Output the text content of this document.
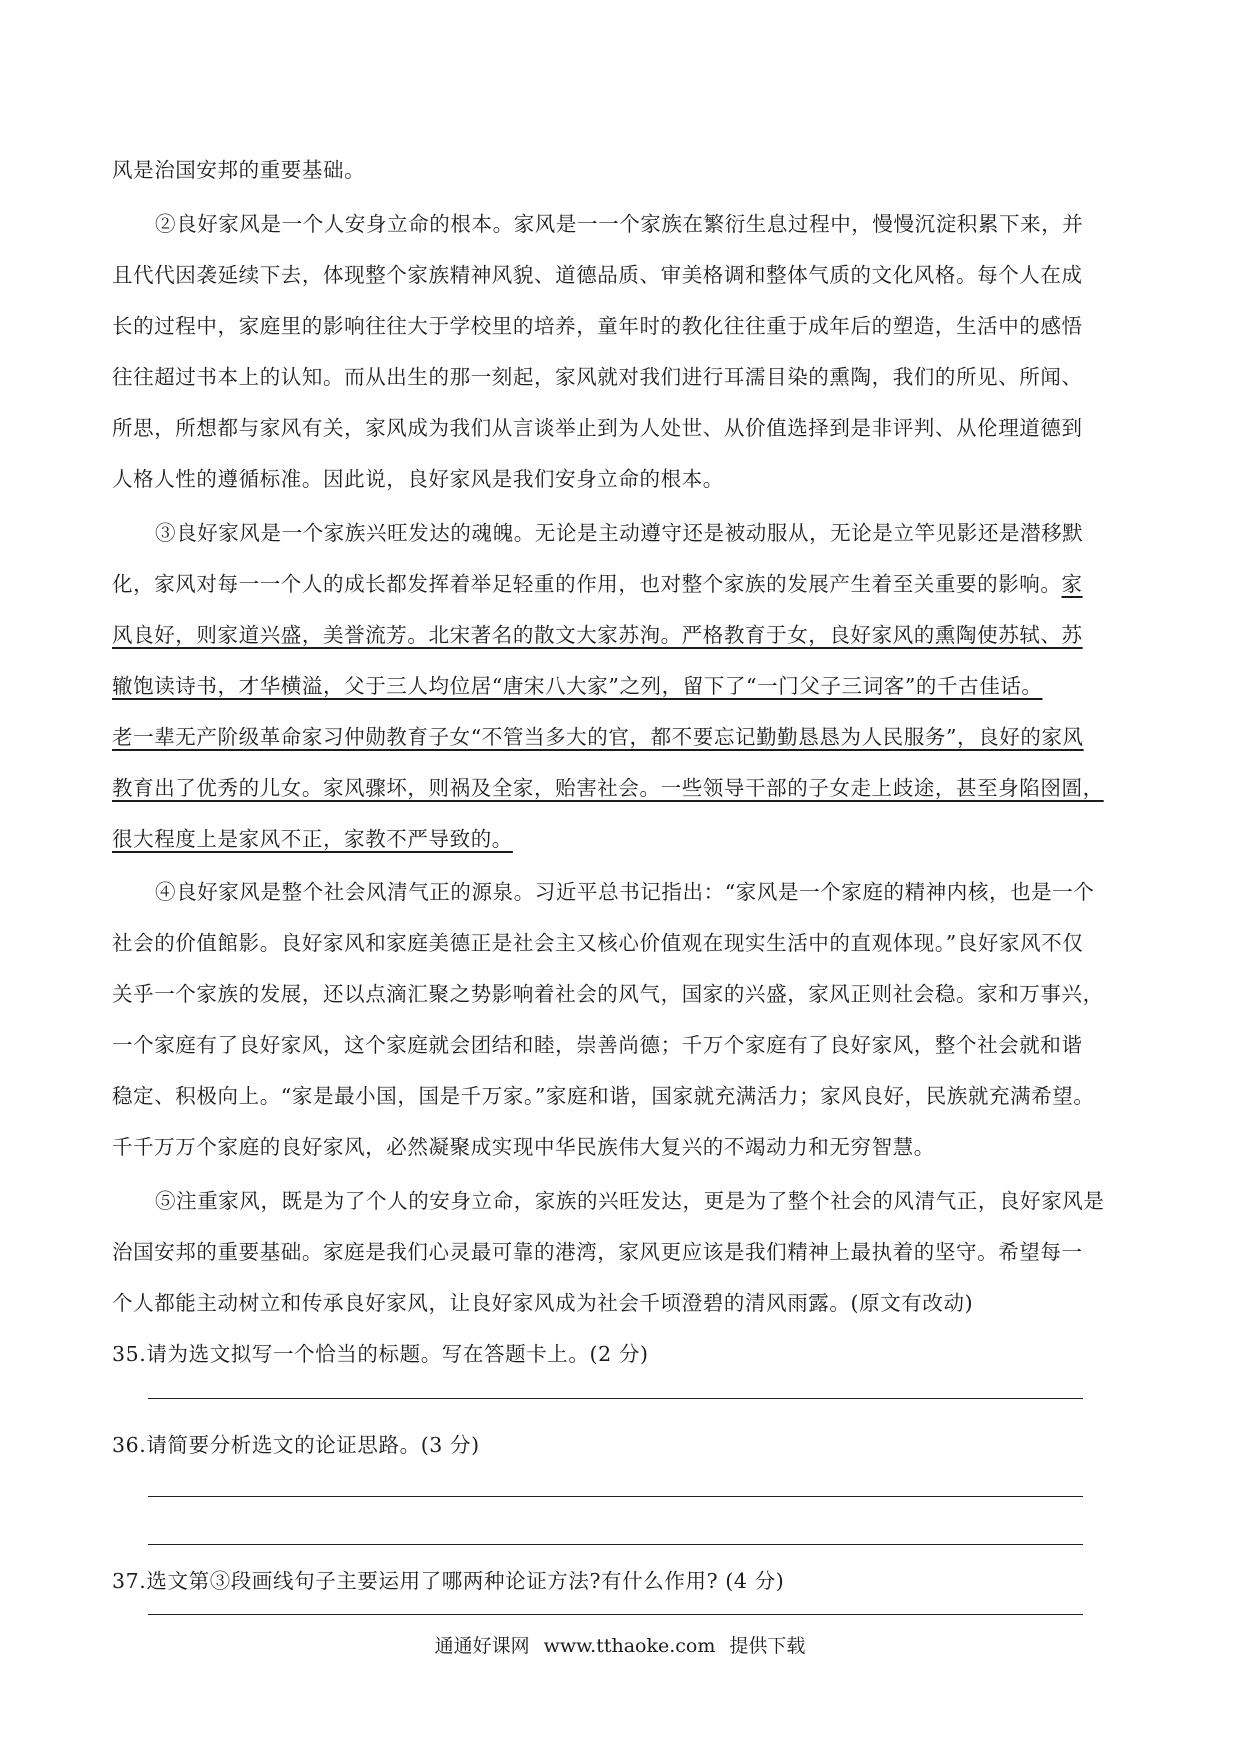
风是治国安邦的重要基础。
②良好家风是一个人安身立命的根本。家风是一一个家族在繁衍生息过程中，慢慢沉淀积累下来，并
且代代因袭延续下去，体现整个家族精神风貌、道德品质、审美格调和整体气质的文化风格。每个人在成
长的过程中，家庭里的影响往往大于学校里的培养，童年时的教化往往重于成年后的塑造，生活中的感悟
往往超过书本上的认知。而从出生的那一刻起，家风就对我们进行耳濡目染的熏陶，我们的所见、所闻、
所思，所想都与家风有关，家风成为我们从言谈举止到为人处世、从价值选择到是非评判、从伦理道德到
人格人性的遵循标准。因此说，良好家风是我们安身立命的根本。
③良好家风是一个家族兴旺发达的魂魄。无论是主动遵守还是被动服从，无论是立竿见影还是潜移默
化，家风对每一一个人的成长都发挥着举足轻重的作用，也对整个家族的发展产生着至关重要的影响。家
风良好，则家道兴盛，美誉流芳。北宋著名的散文大家苏洵。严格教育于女，良好家风的熏陶使苏轼、苏
辙饱读诗书，才华横溢，父于三人均位居“唐宋八大家”之列，留下了“一门父子三词客”的千古佳话。
老一辈无产阶级革命家习仲勋教育子女“不管当多大的官，都不要忘记勤勤恳恳为人民服务”，良好的家风
教育出了优秀的儿女。家风骤坏，则祸及全家，贻害社会。一些领导干部的子女走上歧途，甚至身陷囹圄，
很大程度上是家风不正，家教不严导致的。
④良好家风是整个社会风清气正的源泉。习近平总书记指出：“家风是一个家庭的精神内核，也是一个
社会的价值館影。良好家风和家庭美德正是社会主又核心价值观在现实生活中的直观体现。”良好家风不仅
关乎一个家族的发展，还以点滴汇聚之势影响着社会的风气，国家的兴盛，家风正则社会稳。家和万事兴，
一个家庭有了良好家风，这个家庭就会团结和睦，崇善尚德；千万个家庭有了良好家风，整个社会就和谐
稳定、积极向上。“家是最小国，国是千万家。”家庭和谐，国家就充满活力；家风良好，民族就充满希望。
千千万万个家庭的良好家风，必然凝聚成实现中华民族伟大复兴的不竭动力和无穷智慧。
⑤注重家风，既是为了个人的安身立命，家族的兴旺发达，更是为了整个社会的风清气正，良好家风是
治国安邦的重要基础。家庭是我们心灵最可靠的港湾，家风更应该是我们精神上最执着的坚守。希望每一
个人都能主动树立和传承良好家风，让良好家风成为社会千顷澄碧的清风雨露。(原文有改动)
35.请为选文拟写一个恰当的标题。写在答题卡上。(2 分)
36.请简要分析选文的论证思路。(3 分)
37.选文第③段画线句子主要运用了哪两种论证方法?有什么作用? (4 分)
通通好课网 www.tthaoke.com 提供下载
